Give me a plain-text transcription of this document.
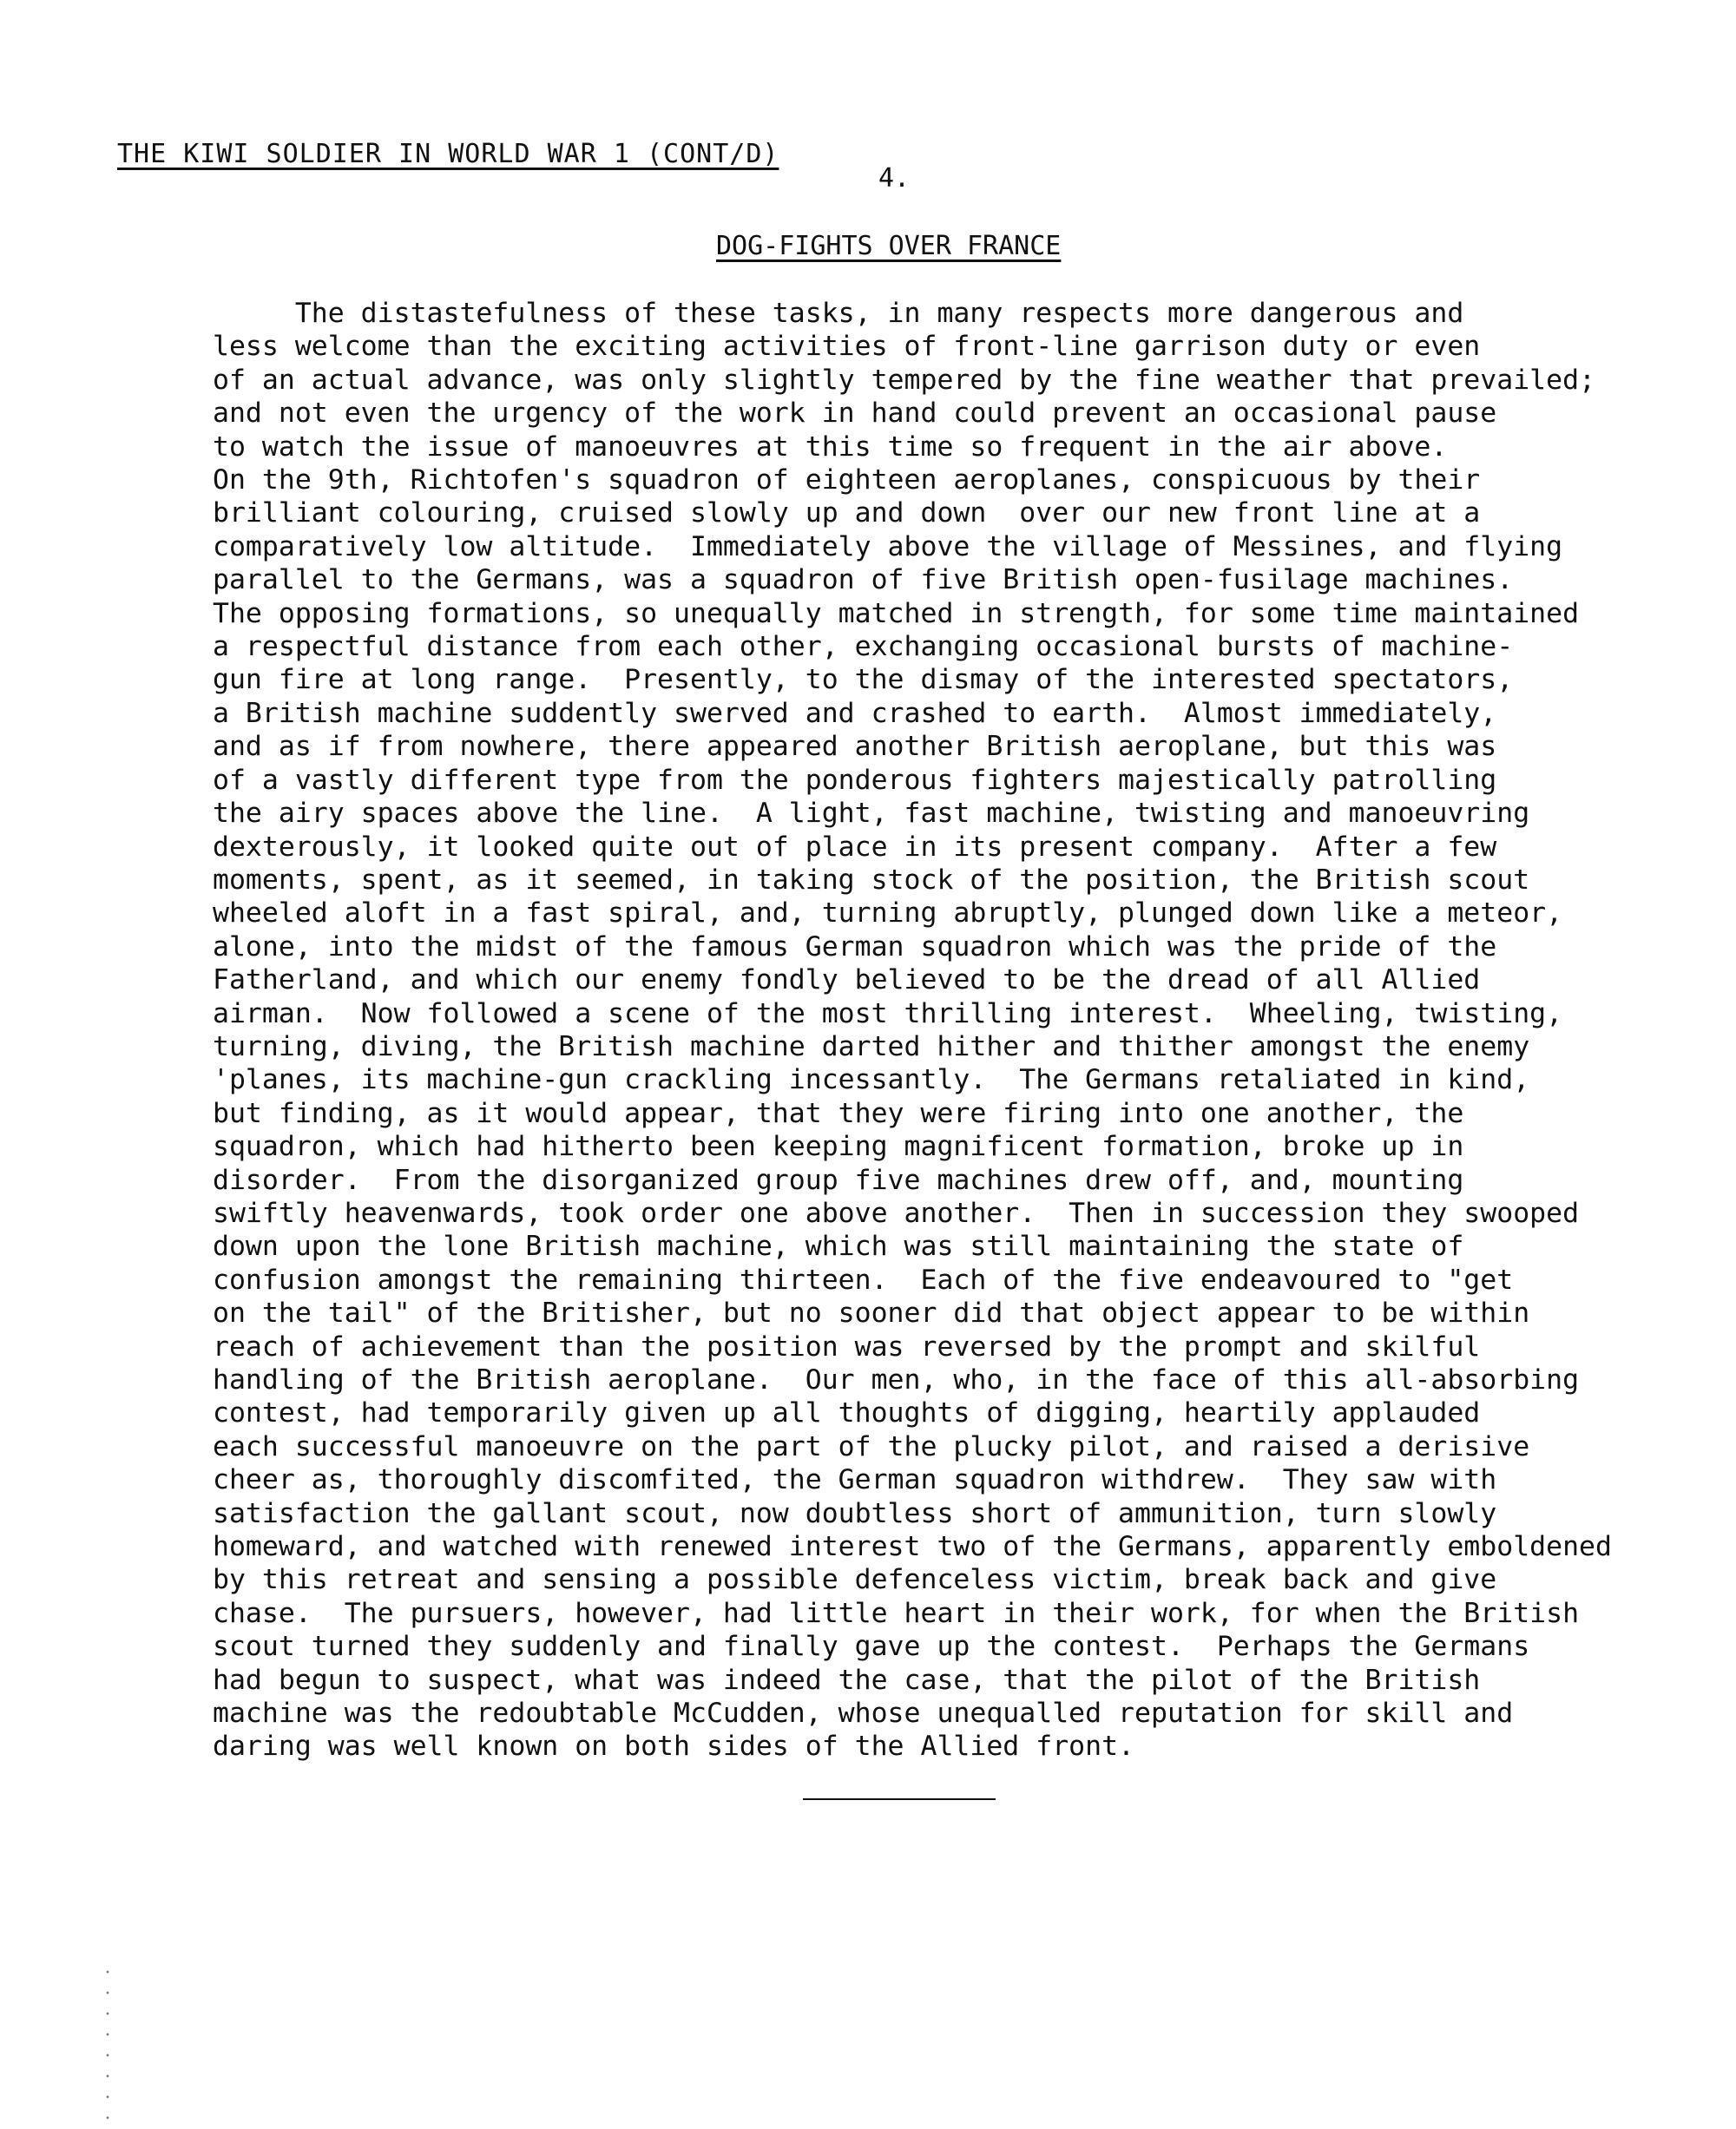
THE KIWI SOLDIER IN WORLD WAR 1 (CONT/D)
4.
DOG-FIGHTS OVER FRANCE
The distastefulness of these tasks, in many respects more dangerous and
less welcome than the exciting activities of front-line garrison duty or even
of an actual advance, was only slightly tempered by the fine weather that prevailed;
and not even the urgency of the work in hand could prevent an occasional pause
to watch the issue of manoeuvres at this time so frequent in the air above.
On the 9th, Richtofen's squadron of eighteen aeroplanes, conspicuous by their
brilliant colouring, cruised slowly up and down  over our new front line at a
comparatively low altitude.  Immediately above the village of Messines, and flying
parallel to the Germans, was a squadron of five British open-fusilage machines.
The opposing formations, so unequally matched in strength, for some time maintained
a respectful distance from each other, exchanging occasional bursts of machine-
gun fire at long range.  Presently, to the dismay of the interested spectators,
a British machine suddently swerved and crashed to earth.  Almost immediately,
and as if from nowhere, there appeared another British aeroplane, but this was
of a vastly different type from the ponderous fighters majestically patrolling
the airy spaces above the line.  A light, fast machine, twisting and manoeuvring
dexterously, it looked quite out of place in its present company.  After a few
moments, spent, as it seemed, in taking stock of the position, the British scout
wheeled aloft in a fast spiral, and, turning abruptly, plunged down like a meteor,
alone, into the midst of the famous German squadron which was the pride of the
Fatherland, and which our enemy fondly believed to be the dread of all Allied
airman.  Now followed a scene of the most thrilling interest.  Wheeling, twisting,
turning, diving, the British machine darted hither and thither amongst the enemy
'planes, its machine-gun crackling incessantly.  The Germans retaliated in kind,
but finding, as it would appear, that they were firing into one another, the
squadron, which had hitherto been keeping magnificent formation, broke up in
disorder.  From the disorganized group five machines drew off, and, mounting
swiftly heavenwards, took order one above another.  Then in succession they swooped
down upon the lone British machine, which was still maintaining the state of
confusion amongst the remaining thirteen.  Each of the five endeavoured to "get
on the tail" of the Britisher, but no sooner did that object appear to be within
reach of achievement than the position was reversed by the prompt and skilful
handling of the British aeroplane.  Our men, who, in the face of this all-absorbing
contest, had temporarily given up all thoughts of digging, heartily applauded
each successful manoeuvre on the part of the plucky pilot, and raised a derisive
cheer as, thoroughly discomfited, the German squadron withdrew.  They saw with
satisfaction the gallant scout, now doubtless short of ammunition, turn slowly
homeward, and watched with renewed interest two of the Germans, apparently emboldened
by this retreat and sensing a possible defenceless victim, break back and give
chase.  The pursuers, however, had little heart in their work, for when the British
scout turned they suddenly and finally gave up the contest.  Perhaps the Germans
had begun to suspect, what was indeed the case, that the pilot of the British
machine was the redoubtable McCudden, whose unequalled reputation for skill and
daring was well known on both sides of the Allied front.
